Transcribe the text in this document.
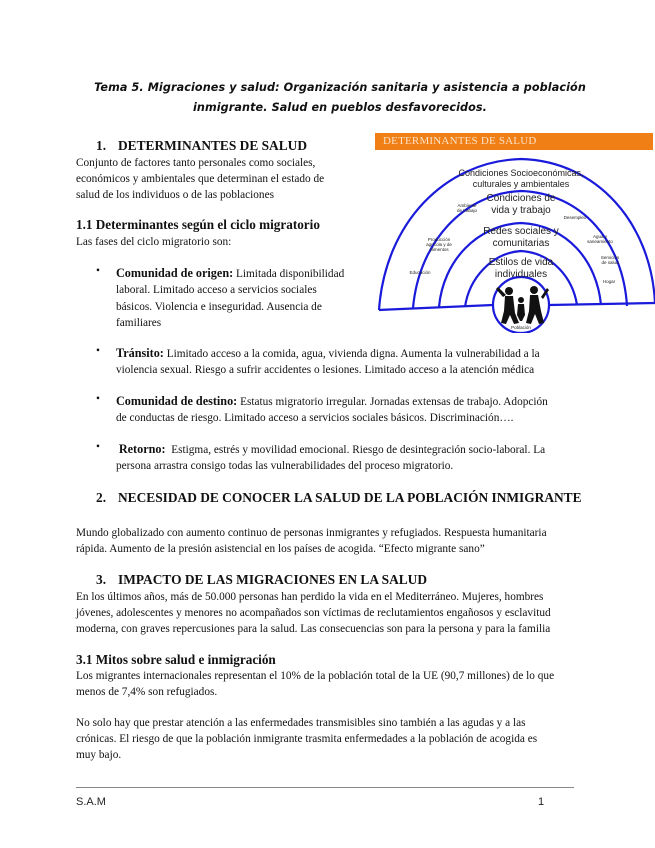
Tema 5. Migraciones y salud: Organización sanitaria y asistencia a población
inmigrante. Salud en pueblos desfavorecidos.
1. DETERMINANTES DE SALUD
Conjunto de factores tanto personales como sociales,
económicos y ambientales que determinan el estado de
salud de los individuos o de las poblaciones
1.1 Determinantes según el ciclo migratorio
Las fases del ciclo migratorio son:
• Comunidad de origen: Limitada disponibilidad
laboral. Limitado acceso a servicios sociales
básicos. Violencia e inseguridad. Ausencia de
familiares
• Tránsito: Limitado acceso a la comida, agua, vivienda digna. Aumenta la vulnerabilidad a la
violencia sexual. Riesgo a sufrir accidentes o lesiones. Limitado acceso a la atención médica
• Comunidad de destino: Estatus migratorio irregular. Jornadas extensas de trabajo. Adopción
de conductas de riesgo. Limitado acceso a servicios sociales básicos. Discriminación….
• Retorno: Estigma, estrés y movilidad emocional. Riesgo de desintegración socio-laboral. La
persona arrastra consigo todas las vulnerabilidades del proceso migratorio.
2. NECESIDAD DE CONOCER LA SALUD DE LA POBLACIÓN INMIGRANTE
Mundo globalizado con aumento continuo de personas inmigrantes y refugiados. Respuesta humanitaria
rápida. Aumento de la presión asistencial en los países de acogida. “Efecto migrante sano”
3. IMPACTO DE LAS MIGRACIONES EN LA SALUD
En los últimos años, más de 50.000 personas han perdido la vida en el Mediterráneo. Mujeres, hombres
jóvenes, adolescentes y menores no acompañados son víctimas de reclutamientos engañosos y esclavitud
moderna, con graves repercusiones para la salud. Las consecuencias son para la persona y para la familia
3.1 Mitos sobre salud e inmigración
Los migrantes internacionales representan el 10% de la población total de la UE (90,7 millones) de lo que
menos de 7,4% son refugiados.
No solo hay que prestar atención a las enfermedades transmisibles sino también a las agudas y a las
crónicas. El riesgo de que la población inmigrante trasmita enfermedades a la población de acogida es
muy bajo.
DETERMINANTES DE SALUD
Condiciones Socioeconómicas,
culturales y ambientales
Condiciones de
vida y trabajo
Redes sociales y
comunitarias
Estilos de vida
individuales
Ambiente
de trabajo
Producción
agrícola y de
alimentos
Educación
Desempleo
Agua y
saneamiento
Servicios
de salud
Hogar
Población
S.A.M	1
